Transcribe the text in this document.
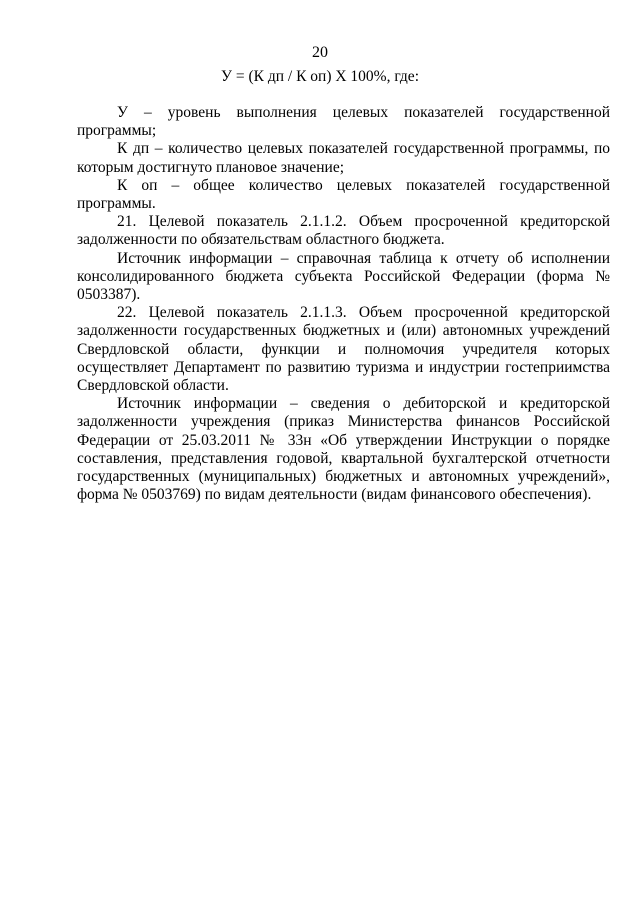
20
У = (К дп / К оп) Х 100%, где:

У – уровень выполнения целевых показателей государственной программы;

К дп – количество целевых показателей государственной программы, по которым достигнуто плановое значение;

К оп – общее количество целевых показателей государственной программы.

21. Целевой показатель 2.1.1.2. Объем просроченной кредиторской задолженности по обязательствам областного бюджета.

Источник информации – справочная таблица к отчету об исполнении консолидированного бюджета субъекта Российской Федерации (форма № 0503387).

22. Целевой показатель 2.1.1.3. Объем просроченной кредиторской задолженности государственных бюджетных и (или) автономных учреждений Свердловской области, функции и полномочия учредителя которых осуществляет Департамент по развитию туризма и индустрии гостеприимства Свердловской области.

Источник информации – сведения о дебиторской и кредиторской задолженности учреждения (приказ Министерства финансов Российской Федерации от 25.03.2011 № 33н «Об утверждении Инструкции о порядке составления, представления годовой, квартальной бухгалтерской отчетности государственных (муниципальных) бюджетных и автономных учреждений», форма № 0503769) по видам деятельности (видам финансового обеспечения).
